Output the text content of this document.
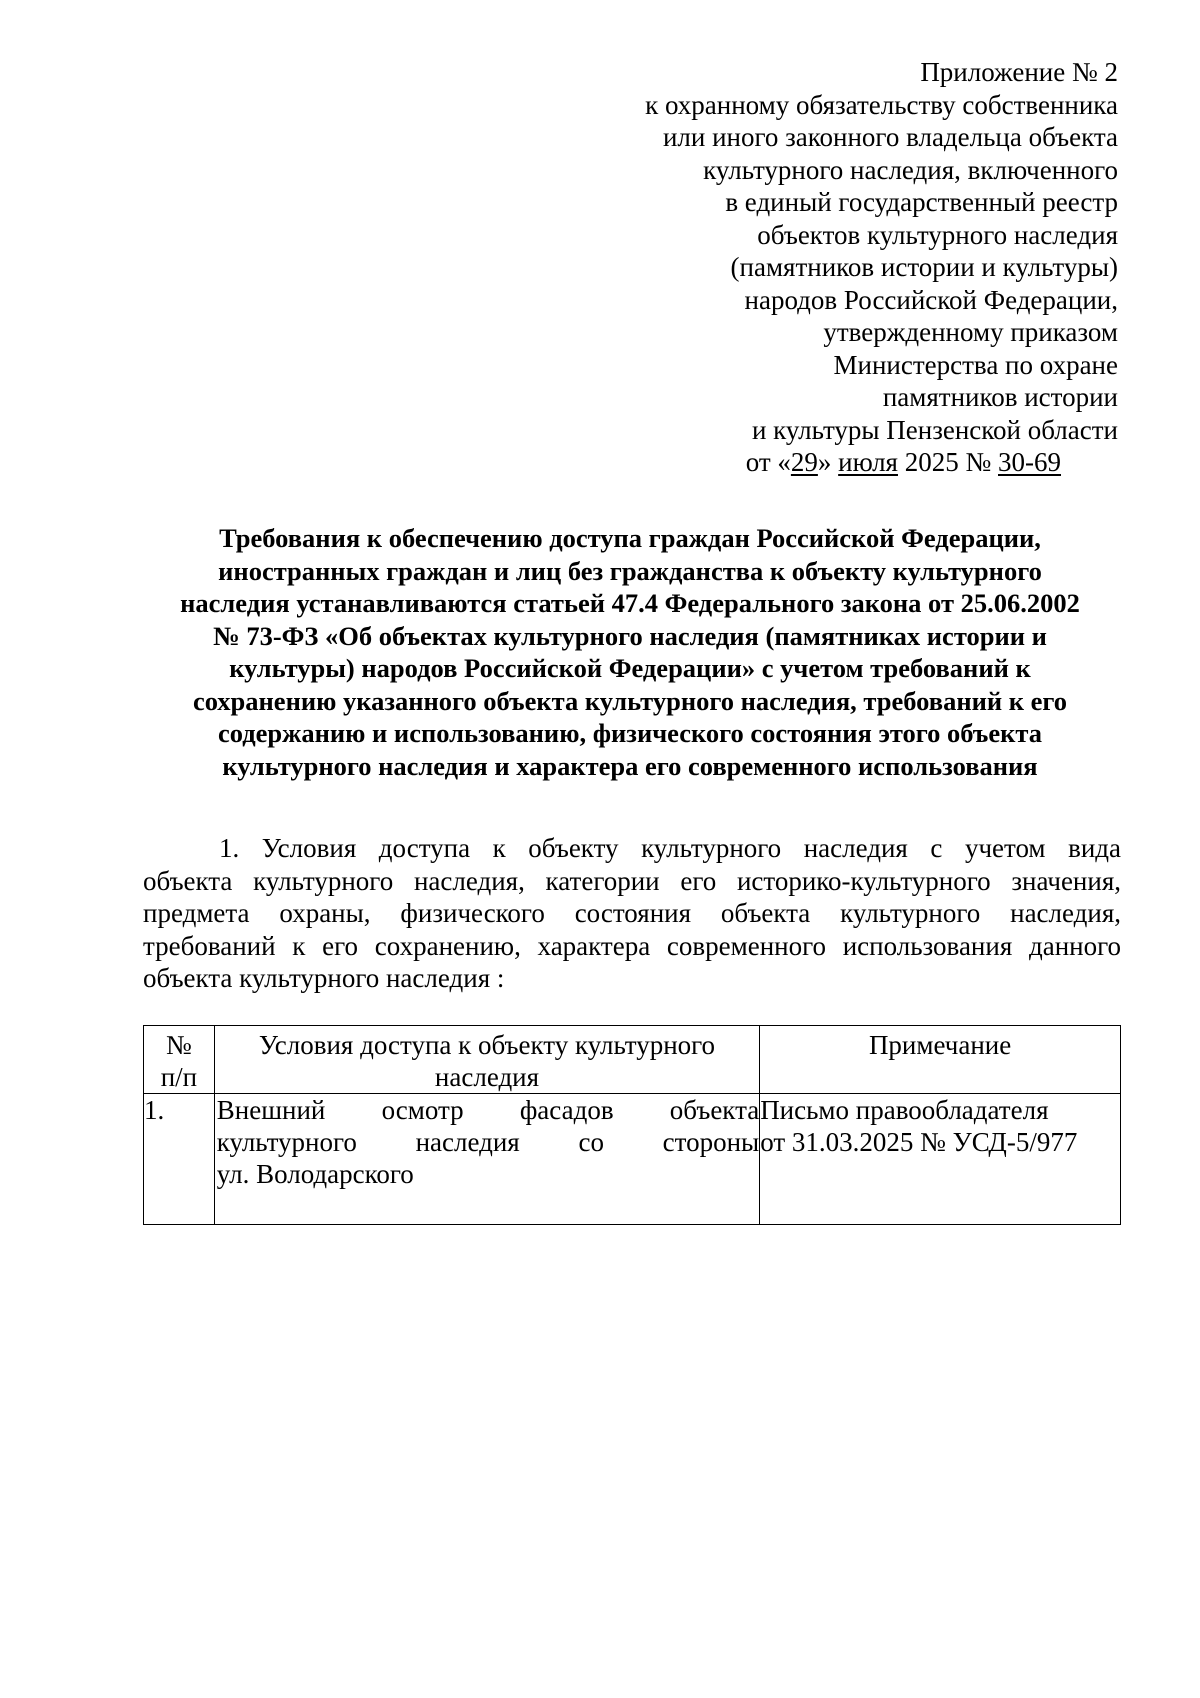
Приложение № 2
к охранному обязательству собственника
или иного законного владельца объекта
культурного наследия, включенного
в единый государственный реестр
объектов культурного наследия
(памятников истории и культуры)
народов Российской Федерации,
утвержденному приказом
Министерства по охране
памятников истории
и культуры Пензенской области
от «29» июля 2025 № 30-69
Требования к обеспечению доступа граждан Российской Федерации,
иностранных граждан и лиц без гражданства к объекту культурного
наследия устанавливаются статьей 47.4 Федерального закона от 25.06.2002
№ 73-ФЗ «Об объектах культурного наследия (памятниках истории и
культуры) народов Российской Федерации» с учетом требований к
сохранению указанного объекта культурного наследия, требований к его
содержанию и использованию, физического состояния этого объекта
культурного наследия и характера его современного использования
1. Условия доступа к объекту культурного наследия с учетом вида
объекта культурного наследия, категории его историко-культурного значения,
предмета охраны, физического состояния объекта культурного наследия,
требований к его сохранению, характера современного использования данного
объекта культурного наследия :
№
п/п	Условия доступа к объекту культурного наследия	Примечание

1.	Внешний осмотр фасадов объекта
культурного наследия со стороны
ул. Володарского	Письмо правообладателя
от 31.03.2025 № УСД-5/977
